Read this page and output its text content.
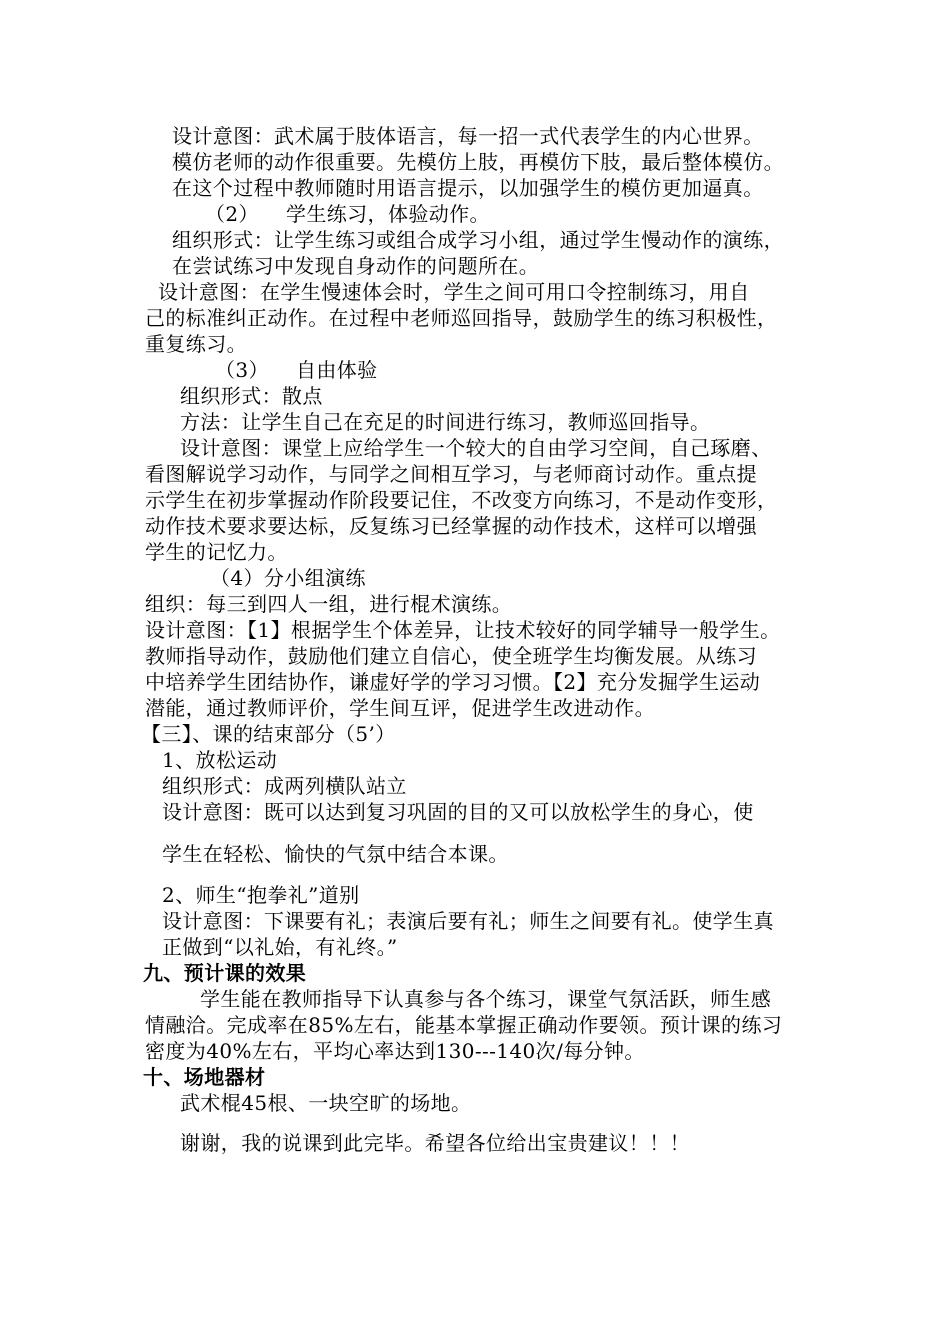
设计意图：武术属于肢体语言，每一招一式代表学生的内心世界。
模仿老师的动作很重要。先模仿上肢，再模仿下肢，最后整体模仿。
在这个过程中教师随时用语言提示，以加强学生的模仿更加逼真。
（2）    学生练习，体验动作。
组织形式：让学生练习或组合成学习小组，通过学生慢动作的演练，
在尝试练习中发现自身动作的问题所在。
设计意图：在学生慢速体会时，学生之间可用口令控制练习，用自
己的标准纠正动作。在过程中老师巡回指导，鼓励学生的练习积极性，
重复练习。
（3）    自由体验
组织形式：散点
方法：让学生自己在充足的时间进行练习，教师巡回指导。
设计意图：课堂上应给学生一个较大的自由学习空间，自己琢磨、
看图解说学习动作，与同学之间相互学习，与老师商讨动作。重点提
示学生在初步掌握动作阶段要记住，不改变方向练习，不是动作变形，
动作技术要求要达标，反复练习已经掌握的动作技术，这样可以增强
学生的记忆力。
（4）分小组演练
组织：每三到四人一组，进行棍术演练。
设计意图：【1】根据学生个体差异，让技术较好的同学辅导一般学生。
教师指导动作，鼓励他们建立自信心，使全班学生均衡发展。从练习
中培养学生团结协作，谦虚好学的学习习惯。【2】充分发掘学生运动
潜能，通过教师评价，学生间互评，促进学生改进动作。
【三】、课的结束部分（5’）
1、放松运动
组织形式：成两列横队站立
设计意图：既可以达到复习巩固的目的又可以放松学生的身心，使
学生在轻松、愉快的气氛中结合本课。
2、师生“抱拳礼”道别
设计意图：下课要有礼；表演后要有礼；师生之间要有礼。使学生真
正做到“以礼始，有礼终。”
九、预计课的效果
学生能在教师指导下认真参与各个练习，课堂气氛活跃，师生感
情融洽。完成率在85%左右，能基本掌握正确动作要领。预计课的练习
密度为40%左右，平均心率达到130---140次/每分钟。
十、场地器材
武术棍45根、一块空旷的场地。
谢谢，我的说课到此完毕。希望各位给出宝贵建议！！！
